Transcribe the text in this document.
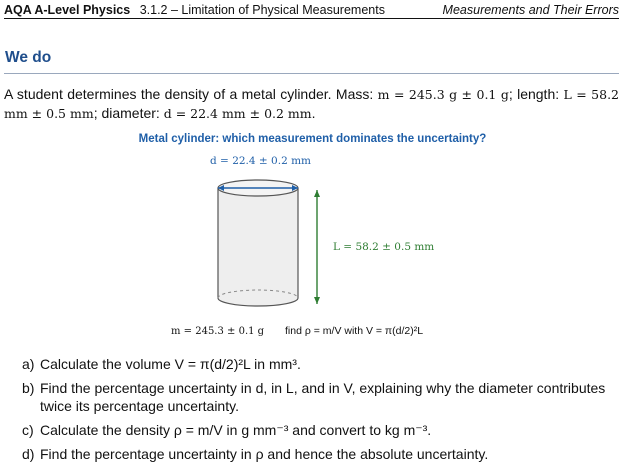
AQA A-Level Physics 3.1.2 – Limitation of Physical Measurements	Measurements and Their Errors
We do
A student determines the density of a metal cylinder. Mass: m = 245.3 g ± 0.1 g; length: L = 58.2 mm ± 0.5 mm; diameter: d = 22.4 mm ± 0.2 mm.
Metal cylinder: which measurement dominates the uncertainty?
d = 22.4 ± 0.2 mm
L = 58.2 ± 0.5 mm
m = 245.3 ± 0.1 g find ρ = m/V with V = π(d/2)²L
a) Calculate the volume V = π(d/2)²L in mm³.
b) Find the percentage uncertainty in d, in L, and in V, explaining why the diameter contributes twice its percentage uncertainty.
c) Calculate the density ρ = m/V in g mm⁻³ and convert to kg m⁻³.
d) Find the percentage uncertainty in ρ and hence the absolute uncertainty.
